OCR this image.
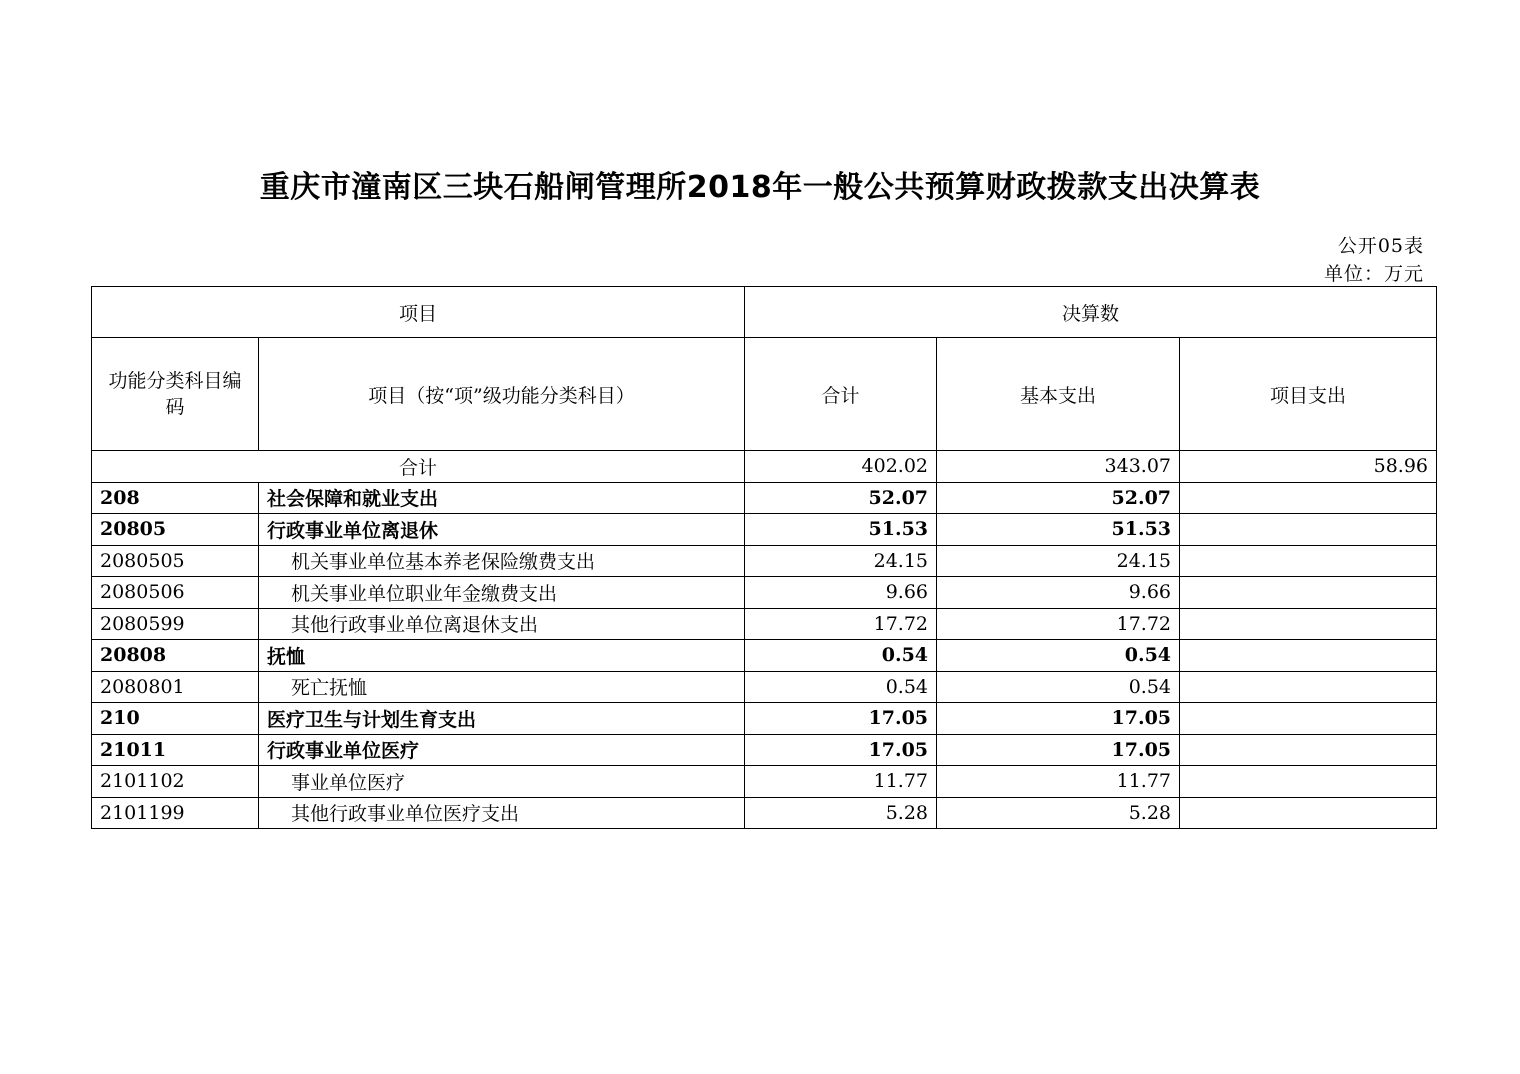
重庆市潼南区三块石船闸管理所2018年一般公共预算财政拨款支出决算表
公开05表
单位：万元
项目		决算数		
功能分类科目编码	项目（按“项”级功能分类科目）	合计	基本支出	项目支出
合计		402.02	343.07	58.96
208	社会保障和就业支出	52.07	52.07	
20805	行政事业单位离退休	51.53	51.53	
2080505	机关事业单位基本养老保险缴费支出	24.15	24.15	
2080506	机关事业单位职业年金缴费支出	9.66	9.66	
2080599	其他行政事业单位离退休支出	17.72	17.72	
20808	抚恤	0.54	0.54	
2080801	死亡抚恤	0.54	0.54	
210	医疗卫生与计划生育支出	17.05	17.05	
21011	行政事业单位医疗	17.05	17.05	
2101102	事业单位医疗	11.77	11.77	
2101199	其他行政事业单位医疗支出	5.28	5.28	
